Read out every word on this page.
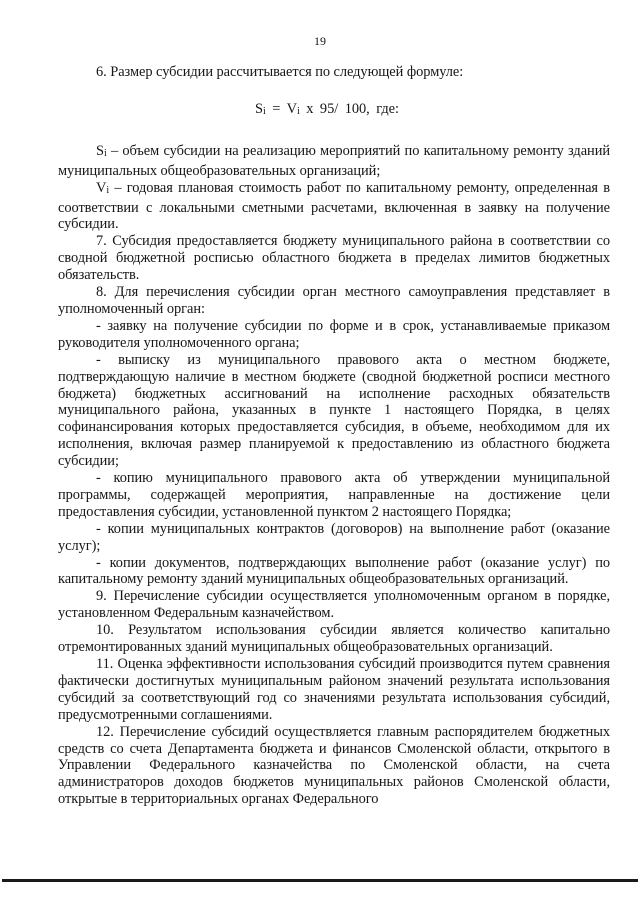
19

6. Размер субсидии рассчитывается по следующей формуле:

Si = Vi x 95/ 100, где:

Si – объем субсидии на реализацию мероприятий по капитальному ремонту зданий муниципальных общеобразовательных организаций;

Vi – годовая плановая стоимость работ по капитальному ремонту, определенная в соответствии с локальными сметными расчетами, включенная в заявку на получение субсидии.

7. Субсидия предоставляется бюджету муниципального района в соответствии со сводной бюджетной росписью областного бюджета в пределах лимитов бюджетных обязательств.

8. Для перечисления субсидии орган местного самоуправления представляет в уполномоченный орган:

- заявку на получение субсидии по форме и в срок, устанавливаемые приказом руководителя уполномоченного органа;

- выписку из муниципального правового акта о местном бюджете, подтверждающую наличие в местном бюджете (сводной бюджетной росписи местного бюджета) бюджетных ассигнований на исполнение расходных обязательств муниципального района, указанных в пункте 1 настоящего Порядка, в целях софинансирования которых предоставляется субсидия, в объеме, необходимом для их исполнения, включая размер планируемой к предоставлению из областного бюджета субсидии;

- копию муниципального правового акта об утверждении муниципальной программы, содержащей мероприятия, направленные на достижение цели предоставления субсидии, установленной пунктом 2 настоящего Порядка;

- копии муниципальных контрактов (договоров) на выполнение работ (оказание услуг);

- копии документов, подтверждающих выполнение работ (оказание услуг) по капитальному ремонту зданий муниципальных общеобразовательных организаций.

9. Перечисление субсидии осуществляется уполномоченным органом в порядке, установленном Федеральным казначейством.

10. Результатом использования субсидии является количество капитально отремонтированных зданий муниципальных общеобразовательных организаций.

11. Оценка эффективности использования субсидий производится путем сравнения фактически достигнутых муниципальным районом значений результата использования субсидий за соответствующий год со значениями результата использования субсидий, предусмотренными соглашениями.

12. Перечисление субсидий осуществляется главным распорядителем бюджетных средств со счета Департамента бюджета и финансов Смоленской области, открытого в Управлении Федерального казначейства по Смоленской области, на счета администраторов доходов бюджетов муниципальных районов Смоленской области, открытые в территориальных органах Федерального
